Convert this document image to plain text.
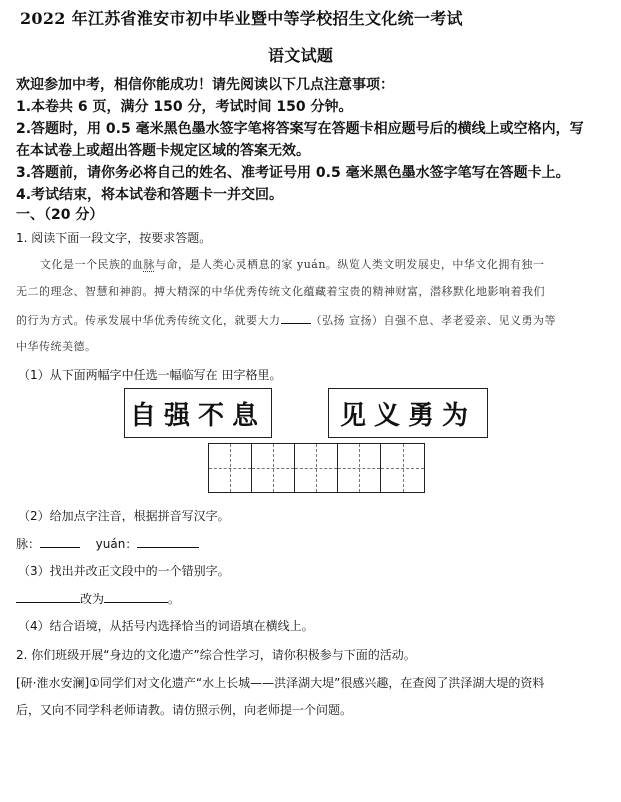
2022 年江苏省淮安市初中毕业暨中等学校招生文化统一考试
语文试题
欢迎参加中考，相信你能成功！请先阅读以下几点注意事项：
1.本卷共 6 页，满分 150 分，考试时间 150 分钟。
2.答题时，用 0.5 毫米黑色墨水签字笔将答案写在答题卡相应题号后的横线上或空格内，写
在本试卷上或超出答题卡规定区域的答案无效。
3.答题前，请你务必将自己的姓名、准考证号用 0.5 毫米黑色墨水签字笔写在答题卡上。
4.考试结束，将本试卷和答题卡一并交回。
一、（20 分）
1. 阅读下面一段文字，按要求答题。
文化是一个民族的血脉与命，是人类心灵栖息的家 yuán。纵览人类文明发展史，中华文化拥有独一
无二的理念、智慧和神韵。搏大精深的中华优秀传统文化蕴藏着宝贵的精神财富，潜移默化地影响着我们
的行为方式。传承发展中华优秀传统文化，就要大力	（弘扬 宣扬）自强不息、孝老爱亲、见义勇为等
中华传统美德。
（1）从下面两幅字中任选一幅临写在 田字格里。
自强不息	见义勇为
（2）给加点字注音，根据拼音写汉字。
脉：	yuán：
（3）找出并改正文段中的一个错别字。
改为	。
（4）结合语境，从括号内选择恰当的词语填在横线上。
2. 你们班级开展“身边的文化遗产”综合性学习，请你积极参与下面的活动。
[研·淮水安澜]①同学们对文化遗产“水上长城——洪泽湖大堤”很感兴趣，在查阅了洪泽湖大堤的资料
后，又向不同学科老师请教。请仿照示例，向老师提一个问题。
